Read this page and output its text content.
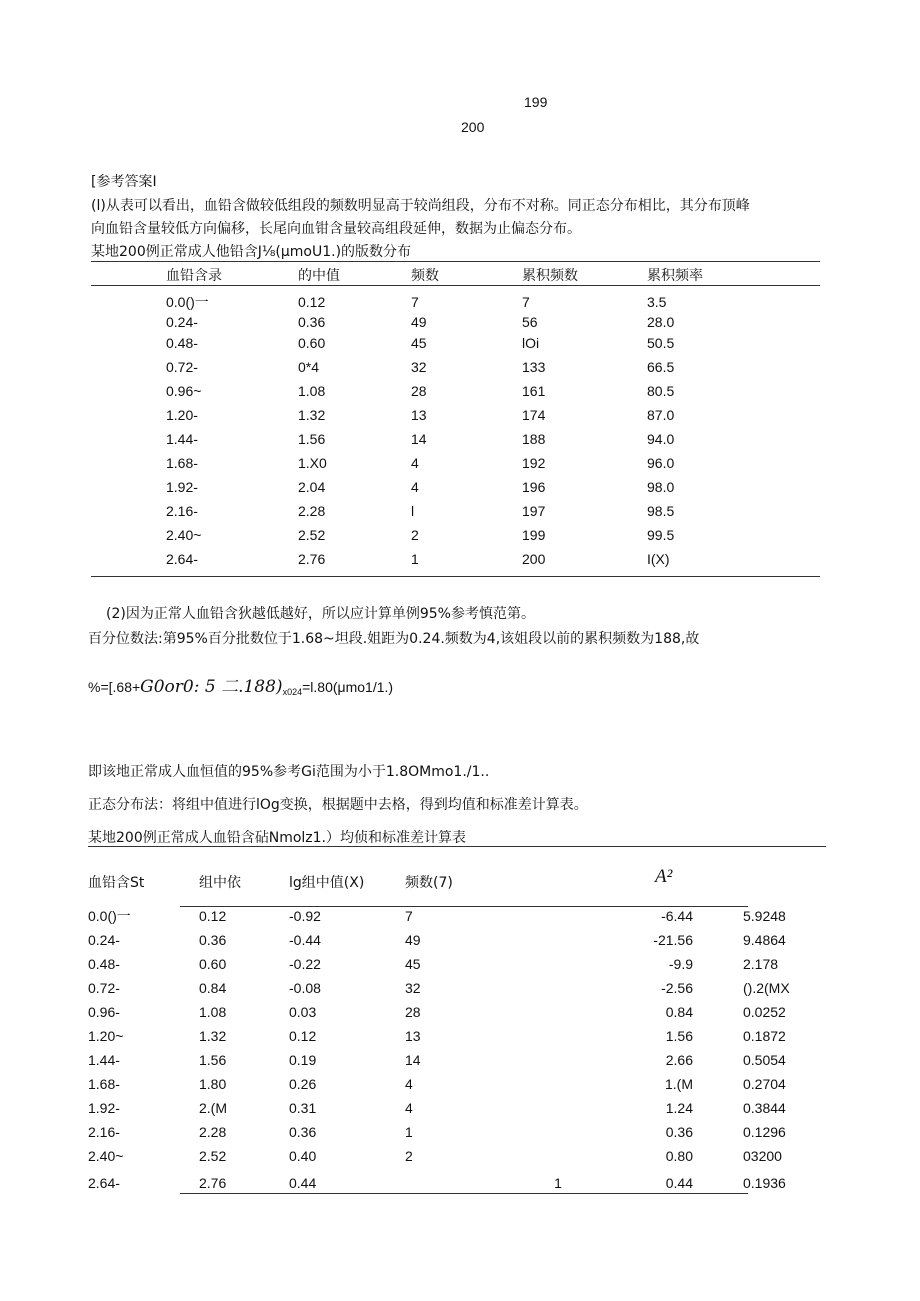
199
200
[参考答案I
(l)从表可以看出，血铅含做较低组段的频数明显高于较尚组段，分布不对称。同正态分布相比，其分布顶峰
向血铅含量较低方向偏移，长尾向血钳含量较高组段延伸，数据为止偏态分布。
某地200例正常成人他铅含J⅛(μmoU1.)的版数分布
血铅含录	的中值	频数	累积频数	累积频率
0.0()一	0.12	7	7	3.5
0.24-	0.36	49	56	28.0
0.48-	0.60	45	lOi	50.5
0.72-	0*4	32	133	66.5
0.96~	1.08	28	161	80.5
1.20-	1.32	13	174	87.0
1.44-	1.56	14	188	94.0
1.68-	1.X0	4	192	96.0
1.92-	2.04	4	196	98.0
2.16-	2.28	l	197	98.5
2.40~	2.52	2	199	99.5
2.64-	2.76	1	200	I(X)
(2)因为正常人血铅含狄越低越好，所以应计算单例95%参考慎范第。
百分位数法:第95%百分批数位于1.68~坦段.姐距为0.24.频数为4,该姐段以前的累积频数为188,故
%=[.68+G0or0: 5 二$.188)_{x024}=l.80(\mu mo1/1.)$
即该地正常成人血恒值的95%参考Gi范围为小于1.8OMmo1./1..
正态分布法：将组中值进行lOg变换，根据题中去格，得到均值和标准差计算表。
某地200例正常成人血铅含砧Nmolz1.）均侦和标准差计算表
血铅含St	组中依	lg组中值(X)	频数(7)	A²
0.0()一	0.12	-0.92	7		-6.44	5.9248
0.24-	0.36	-0.44	49		-21.56	9.4864
0.48-	0.60	-0.22	45		-9.9	2.178
0.72-	0.84	-0.08	32		-2.56	().2(MX
0.96-	1.08	0.03	28		0.84	0.0252
1.20~	1.32	0.12	13		1.56	0.1872
1.44-	1.56	0.19	14		2.66	0.5054
1.68-	1.80	0.26	4		1.(M	0.2704
1.92-	2.(M	0.31	4		1.24	0.3844
2.16-	2.28	0.36	1		0.36	0.1296
2.40~	2.52	0.40	2		0.80	03200
2.64-	2.76	0.44		1	0.44	0.1936
